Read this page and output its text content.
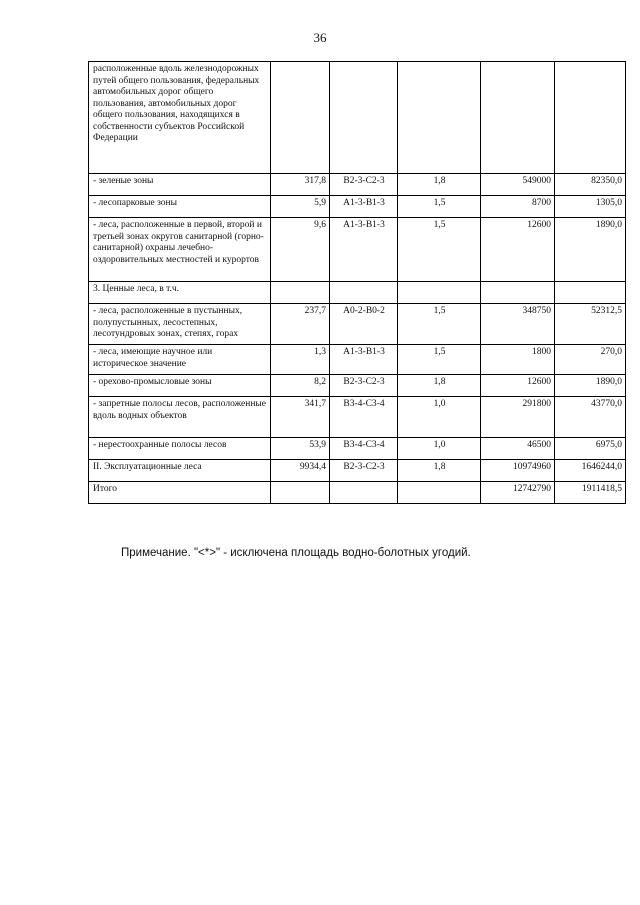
36
расположенные вдоль железнодорожных путей общего пользования, федеральных автомобильных дорог общего пользования, автомобильных дорог общего пользования, находящихся в собственности субъектов Российской Федерации					
- зеленые зоны	317,8	В2-3-С2-3	1,8	549000	82350,0
- лесопарковые зоны	5,9	А1-3-В1-3	1,5	8700	1305,0
- леса, расположенные в первой, второй и третьей зонах округов санитарной (горно-санитарной) охраны лечебно-оздоровительных местностей и курортов	9,6	А1-3-В1-3	1,5	12600	1890,0
3. Ценные леса, в т.ч.					
- леса, расположенные в пустынных, полупустынных, лесостепных, лесотундровых зонах, степях, горах	237,7	А0-2-В0-2	1,5	348750	52312,5
- леса, имеющие научное или историческое значение	1,3	А1-3-В1-3	1,5	1800	270,0
- орехово-промысловые зоны	8,2	В2-3-С2-3	1,8	12600	1890,0
- запретные полосы лесов, расположенные вдоль водных объектов	341,7	В3-4-С3-4	1,0	291800	43770,0
- нерестоохранные полосы лесов	53,9	В3-4-С3-4	1,0	46500	6975,0
II. Эксплуатационные леса	9934,4	В2-3-С2-3	1,8	10974960	1646244,0
Итого				12742790	1911418,5
Примечание. "<*>" - исключена площадь водно-болотных угодий.
